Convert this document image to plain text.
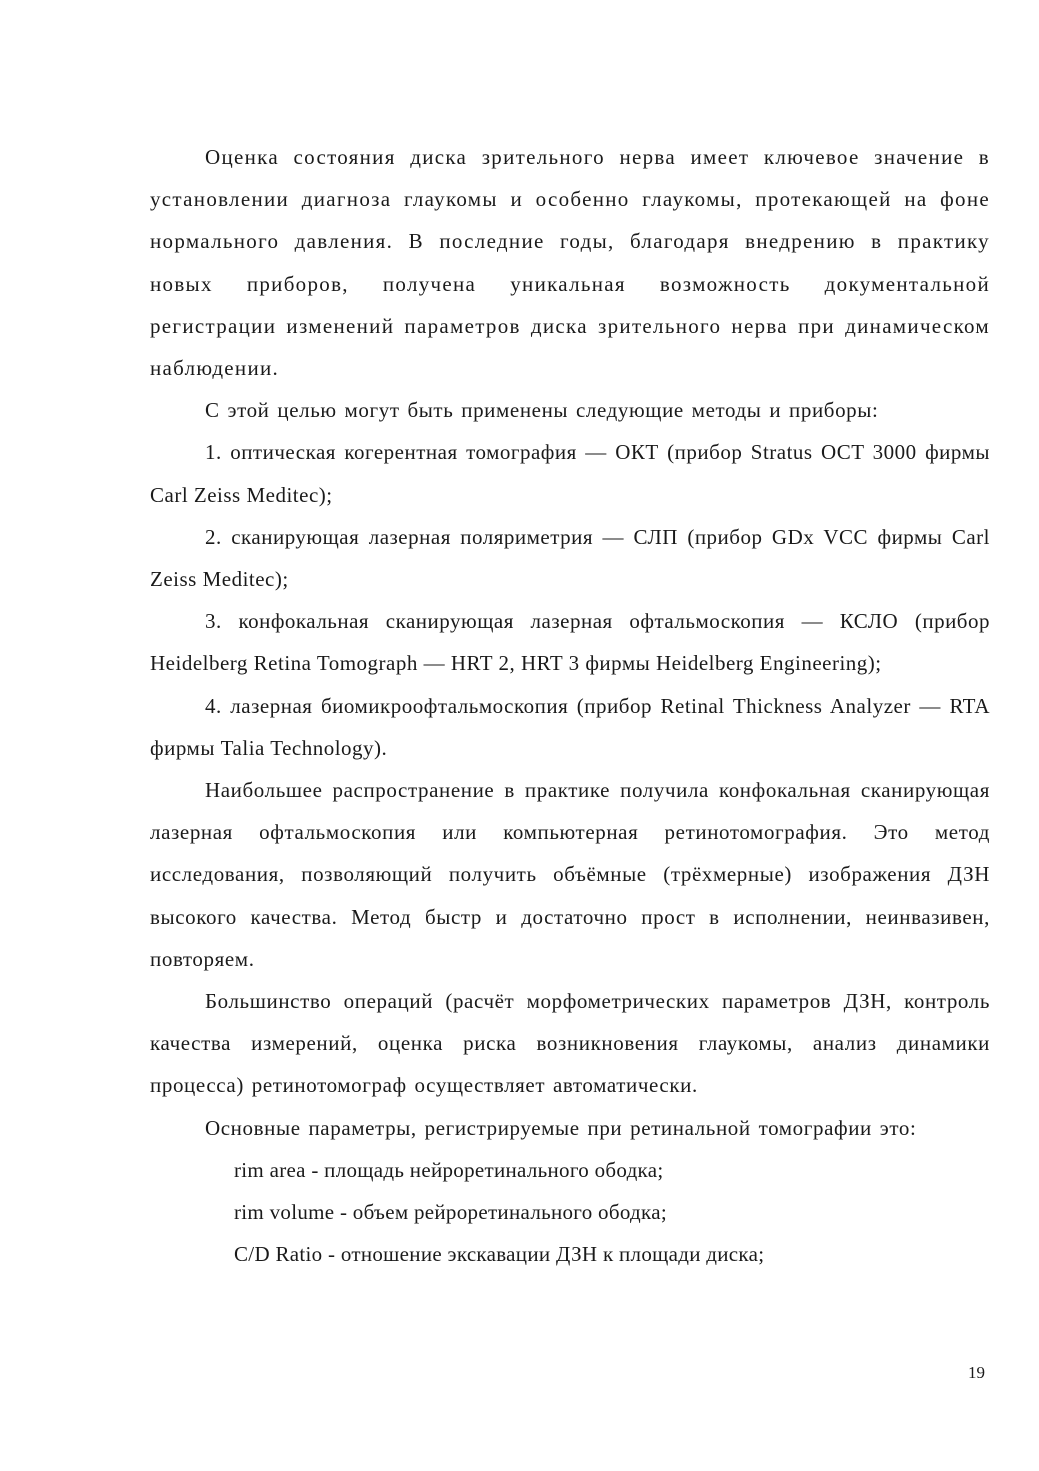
Оценка состояния диска зрительного нерва имеет ключевое значение в установлении диагноза глаукомы и особенно глаукомы, протекающей на фоне нормального давления. В последние годы, благодаря внедрению в практику новых приборов, получена уникальная возможность документальной регистрации изменений параметров диска зрительного нерва при динамическом наблюдении.

С этой целью могут быть применены следующие методы и приборы:

1. оптическая когерентная томография — ОКТ (прибор Stratus OCT 3000 фирмы Carl Zeiss Meditec);

2. сканирующая лазерная поляриметрия — СЛП (прибор GDx VCC фирмы Carl Zeiss Meditec);

3. конфокальная сканирующая лазерная офтальмоскопия — КСЛО (прибор Heidelberg Retina Tomograph — HRT 2, HRT 3 фирмы Heidelberg Engineering);

4. лазерная биомикроофтальмоскопия (прибор Retinal Thickness Analyzer — RTA фирмы Talia Technology).

Наибольшее распространение в практике получила конфокальная сканирующая лазерная офтальмоскопия или компьютерная ретинотомография. Это метод исследования, позволяющий получить объёмные (трёхмерные) изображения ДЗН высокого качества. Метод быстр и достаточно прост в исполнении, неинвазивен, повторяем.

Большинство операций (расчёт морфометрических параметров ДЗН, контроль качества измерений, оценка риска возникновения глаукомы, анализ динамики процесса) ретинотомограф осуществляет автоматически.

Основные параметры, регистрируемые при ретинальной томографии это:

rim area - площадь нейроретинального ободка;

rim volume - объем рейроретинального ободка;

C/D Ratio - отношение экскавации ДЗН к площади диска;

19
